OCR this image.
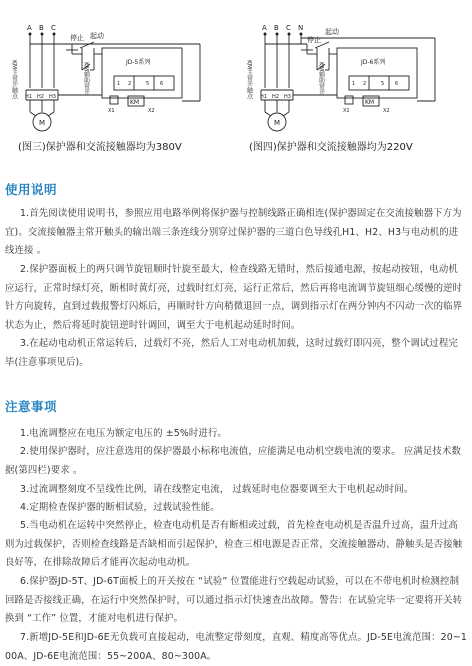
A B C
停止 起动
JD-5系列
1 2	5 6
X1
KM
X2
H1 H2 H3
M
KM主常开触点	KM辅助常开
A B C N
停止
起动
JD-6系列
1 2	5 6
X1
KM
X2
H1 H2 H3
M
KM主常开触点	KM辅助常开
(图三)保护器和交流接触器均为380V	(图四)保护器和交流接触器均为220V
使用说明

1.首先阅读使用说明书，参照应用电路举例将保护器与控制线路正确相连(保护器固定在交流接触器下方为宜)。交流接触器主常开触头的输出端三条连线分别穿过保护器的三道白色导线孔H1、H2、H3与电动机的进线连接 。

2.保护器面板上的两只调节旋钮顺时针旋至最大，检查线路无错时，然后接通电源，按起动按钮，电动机应运行，正常时绿灯亮，断相时黄灯亮，过载时红灯亮，运行正常后，然后再将电流调节旋钮细心缓慢的逆时针方向旋转，直到过载报警灯闪烁后，再顺时针方向稍微退回一点，调到指示灯在两分钟内不闪动一次的临界状态为止，然后将延时旋钮逆时针调回，调至大于电机起动延时时间。

3.在起动电动机正常运转后，过载灯不亮，然后人工对电动机加载，这时过载灯即闪亮，整个调试过程完毕(注意事项见后)。

注意事项

1.电流调整应在电压为额定电压的 ±5%时进行。

2.使用保护器时，应注意选用的保护器最小标称电流值，应能满足电动机空载电流的要求。 应满足技术数据(第四栏)要求 。

3.过流调整刻度不呈线性比例，请在线整定电流， 过载延时电位器要调至大于电机起动时间。

4.定期检查保护器的断相试验，过载试验性能。

5.当电动机在运转中突然停止，检查电动机是否有断相或过载，首先检查电动机是否温升过高，温升过高则为过载保护，否则检查线路是否缺相而引起保护，检查三相电源是否正常，交流接触器动、静触头是否接触良好等，在排除故障后才能再次起动电动机。

6.保护器JD-5T、JD-6T面板上的开关按在 “试验” 位置能进行空载起动试验，可以在不带电机时检测控制回路是否接线正确，在运行中突然保护时，可以通过指示灯快速查出故障。警告：在试验完毕一定要将开关转换到 “工作” 位置，才能对电机进行保护。

7.新增JD-5E和JD-6E无负载可直接起动，电流整定带刻度，直观、精度高等优点。JD-5E电流范围：20~100A、JD-6E电流范围：55~200A、80~300A。
